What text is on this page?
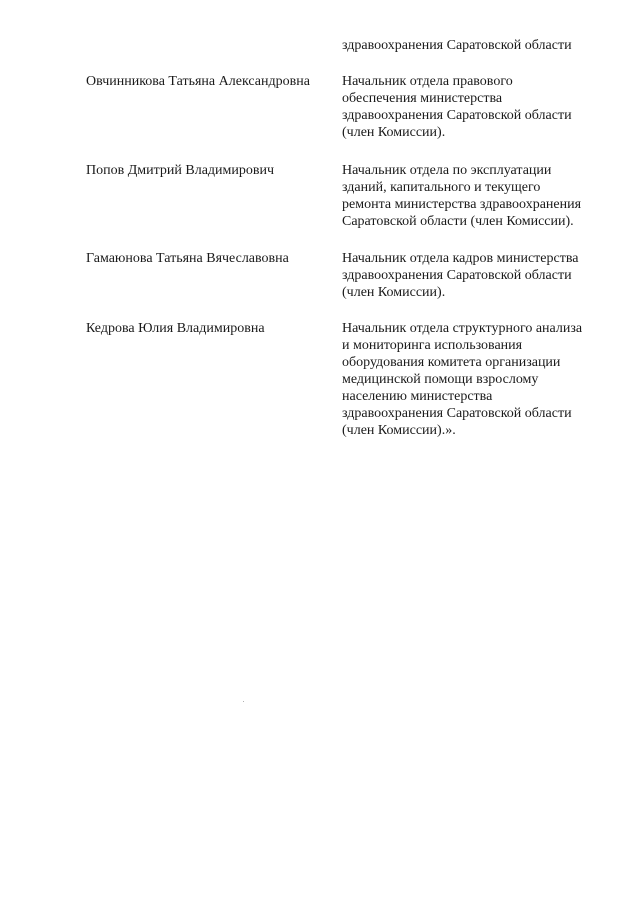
здравоохранения Саратовской области
Овчинникова Татьяна Александровна	Начальник отдела правового
обеспечения министерства
здравоохранения Саратовской области
(член Комиссии).
Попов Дмитрий Владимирович	Начальник отдела по эксплуатации
зданий, капитального и текущего
ремонта министерства здравоохранения
Саратовской области (член Комиссии).
Гамаюнова Татьяна Вячеславовна	Начальник отдела кадров министерства
здравоохранения Саратовской области
(член Комиссии).
Кедрова Юлия Владимировна	Начальник отдела структурного анализа
и мониторинга использования
оборудования комитета организации
медицинской помощи взрослому
населению министерства
здравоохранения Саратовской области
(член Комиссии).».
